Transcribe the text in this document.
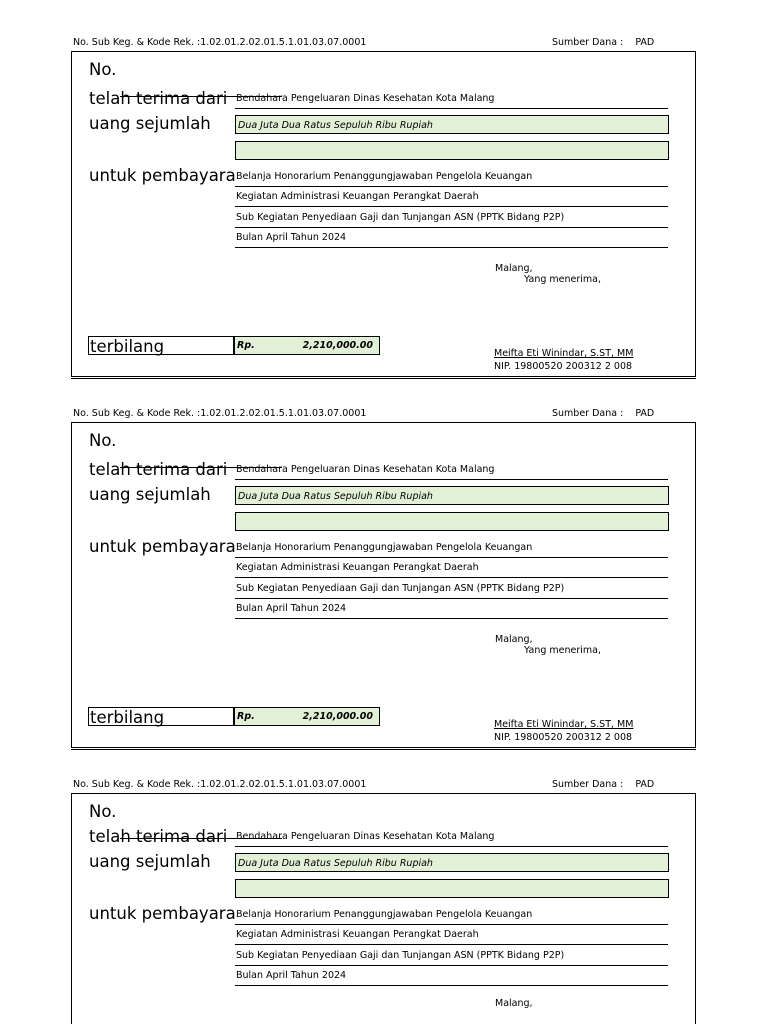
No. Sub Keg. & Kode Rek. :1.02.01.2.02.01.5.1.01.03.07.0001	Sumber Dana : PAD
No.
telah terima dari Bendahara Pengeluaran Dinas Kesehatan Kota Malang
uang sejumlah	Dua Juta Dua Ratus Sepuluh Ribu Rupiah
untuk pembayara Belanja Honorarium Penanggungjawaban Pengelola Keuangan
Kegiatan Administrasi Keuangan Perangkat Daerah
Sub Kegiatan Penyediaan Gaji dan Tunjangan ASN (PPTK Bidang P2P)
Bulan April Tahun 2024
Malang,
Yang menerima,
terbilang	Rp.	2,210,000.00
Meifta Eti Winindar, S.ST, MM
NIP. 19800520 200312 2 008
No. Sub Keg. & Kode Rek. :1.02.01.2.02.01.5.1.01.03.07.0001	Sumber Dana : PAD
No.
telah terima dari Bendahara Pengeluaran Dinas Kesehatan Kota Malang
uang sejumlah	Dua Juta Dua Ratus Sepuluh Ribu Rupiah
untuk pembayara Belanja Honorarium Penanggungjawaban Pengelola Keuangan
Kegiatan Administrasi Keuangan Perangkat Daerah
Sub Kegiatan Penyediaan Gaji dan Tunjangan ASN (PPTK Bidang P2P)
Bulan April Tahun 2024
Malang,
Yang menerima,
terbilang	Rp.	2,210,000.00
Meifta Eti Winindar, S.ST, MM
NIP. 19800520 200312 2 008
No. Sub Keg. & Kode Rek. :1.02.01.2.02.01.5.1.01.03.07.0001	Sumber Dana : PAD
No.
telah terima dari Bendahara Pengeluaran Dinas Kesehatan Kota Malang
uang sejumlah	Dua Juta Dua Ratus Sepuluh Ribu Rupiah
untuk pembayara Belanja Honorarium Penanggungjawaban Pengelola Keuangan
Kegiatan Administrasi Keuangan Perangkat Daerah
Sub Kegiatan Penyediaan Gaji dan Tunjangan ASN (PPTK Bidang P2P)
Bulan April Tahun 2024
Malang,
